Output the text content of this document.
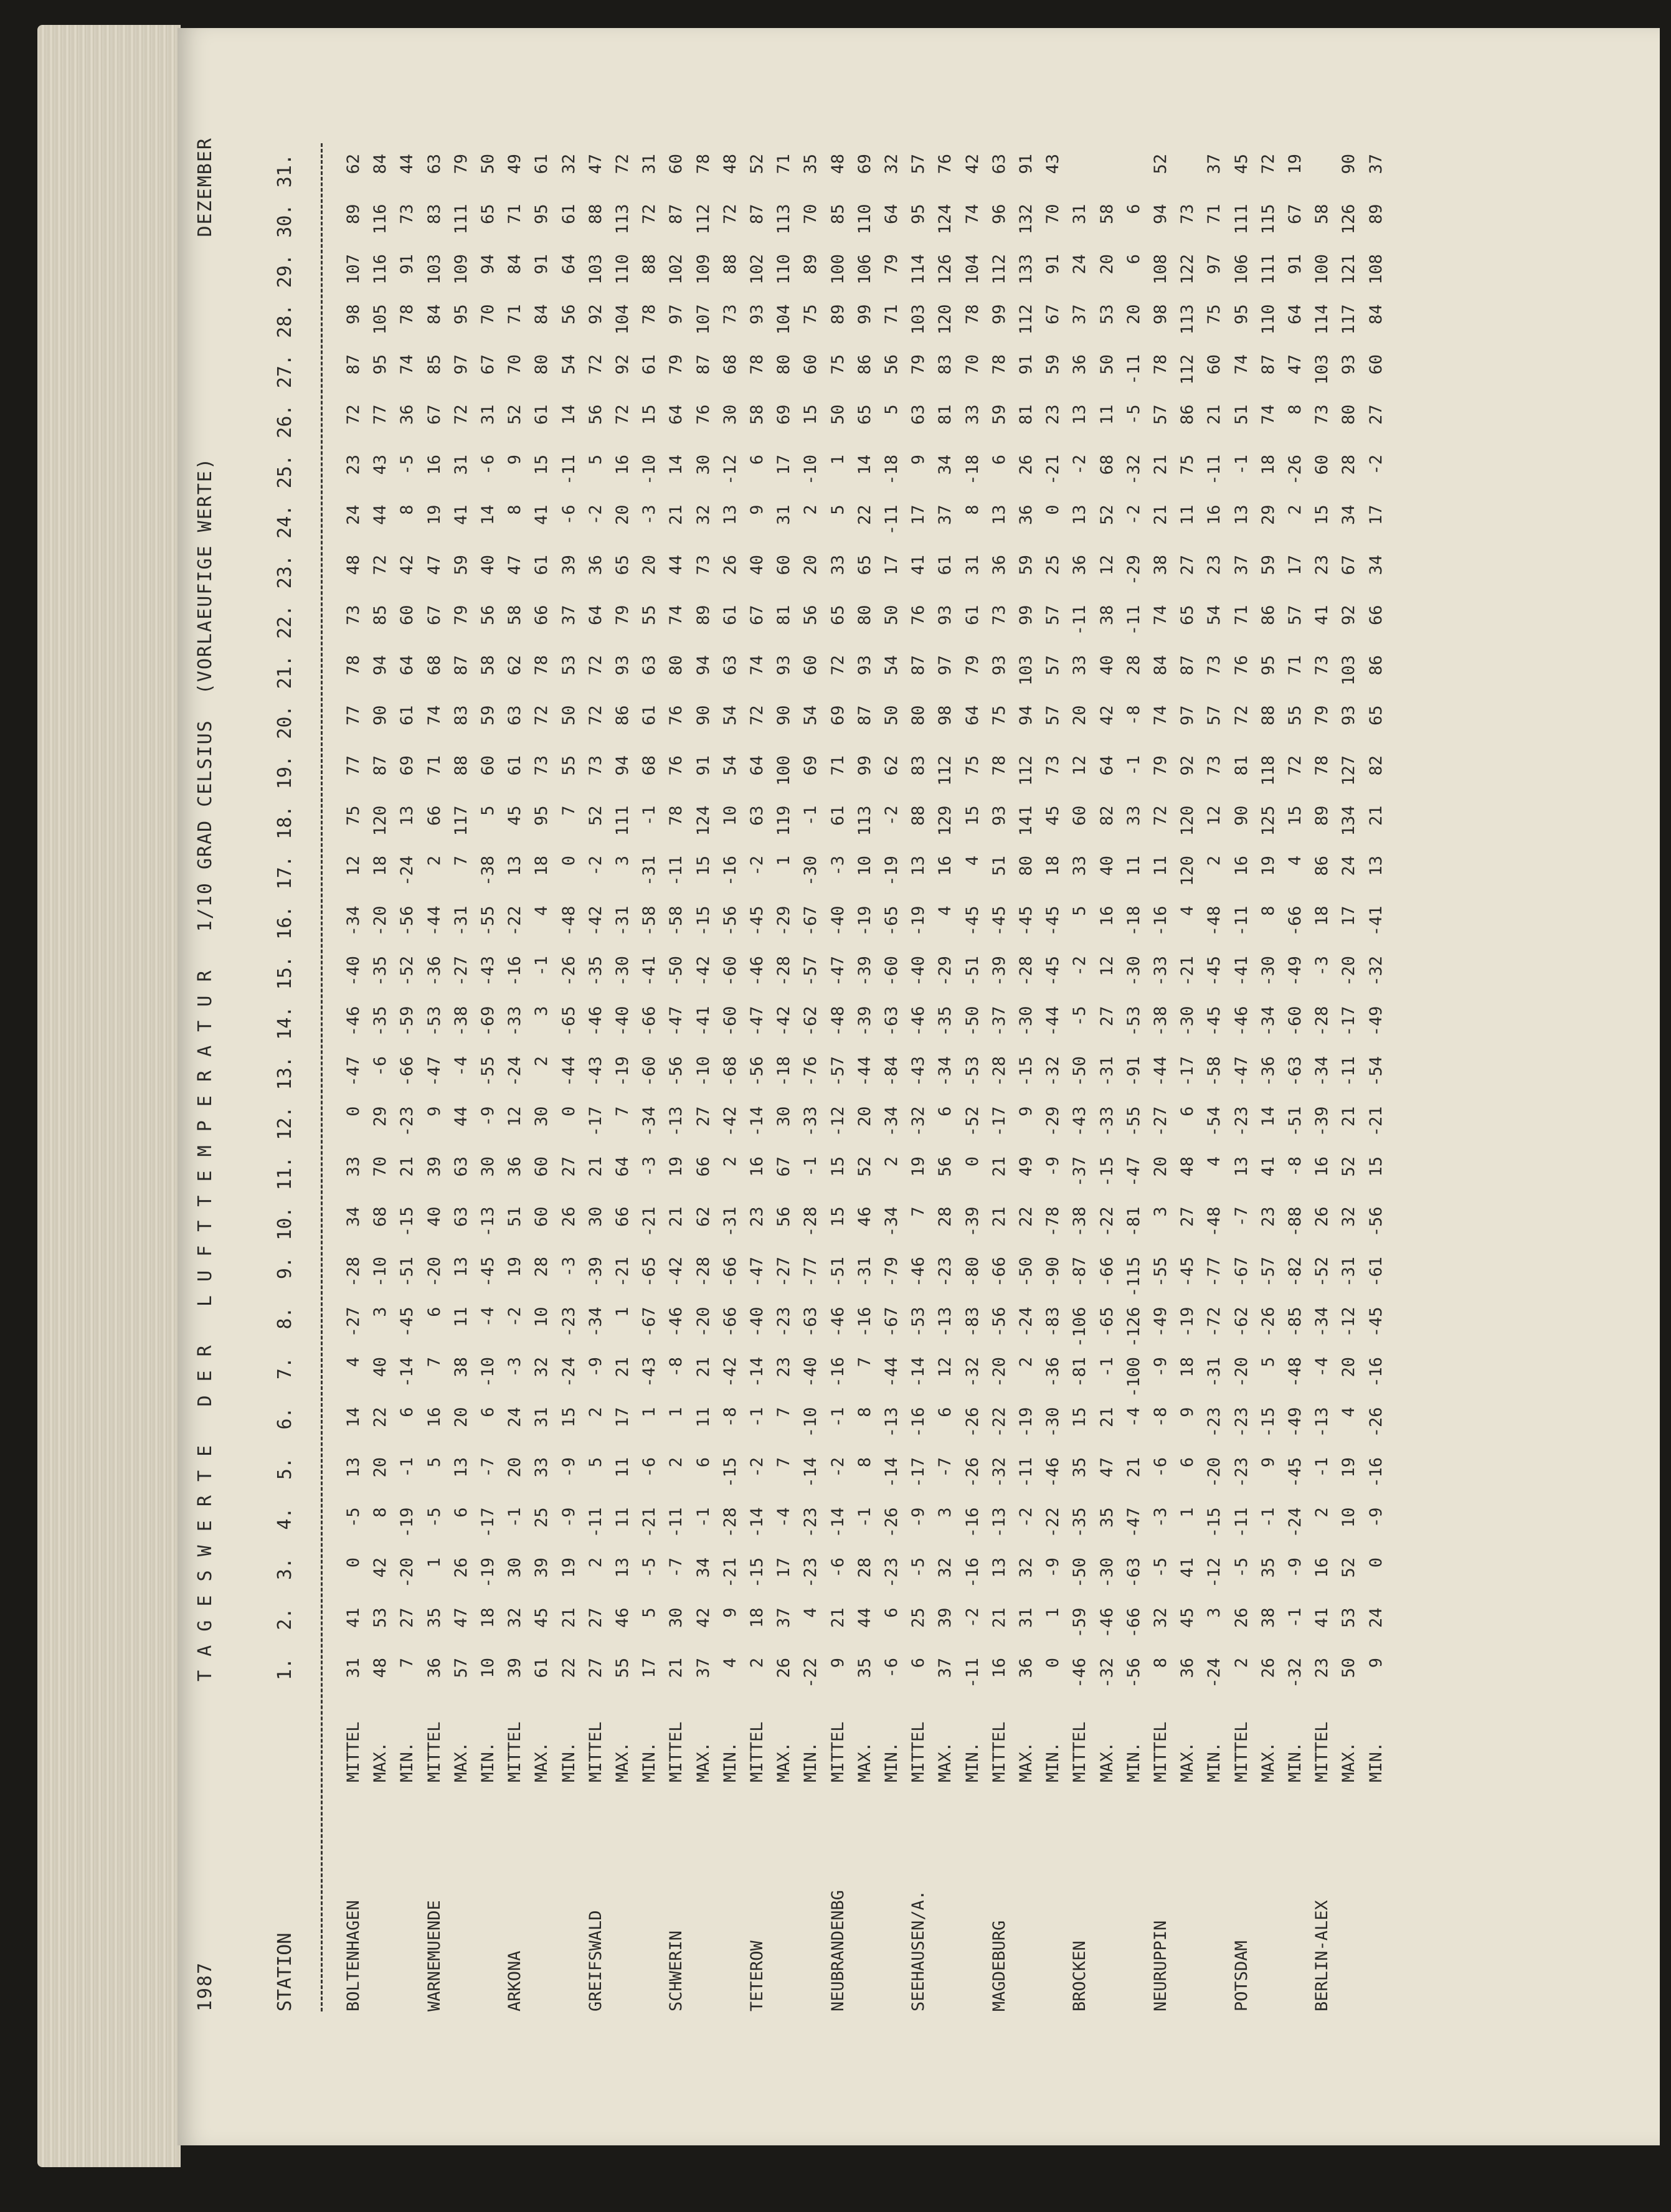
1987
T A G E S W E R T E   D E R   L U F T T E M P E R A T U R   1/10 GRAD CELSIUS  (VORLAEUFIGE WERTE)
DEZEMBER
STATION
1.
2.
3.
4.
5.
6.
7.
8.
9.
10.
11.
12.
13.
14.
15.
16.
17.
18.
19.
20.
21.
22.
23.
24.
25.
26.
27.
28.
29.
30.
31.
BOLTENHAGEN
MITTEL
31
41
0
-5
13
14
4
-27
-28
34
33
0
-47
-46
-40
-34
12
75
77
77
78
73
48
24
23
72
87
98
107
89
62
MAX.
48
53
42
8
20
22
40
3
-10
68
70
29
-6
-35
-35
-20
18
120
87
90
94
85
72
44
43
77
95
105
116
116
84
MIN.
7
27
-20
-19
-1
6
-14
-45
-51
-15
21
-23
-66
-59
-52
-56
-24
13
69
61
64
60
42
8
-5
36
74
78
91
73
44
WARNEMUENDE
MITTEL
36
35
1
-5
5
16
7
6
-20
40
39
9
-47
-53
-36
-44
2
66
71
74
68
67
47
19
16
67
85
84
103
83
63
MAX.
57
47
26
6
13
20
38
11
13
63
63
44
-4
-38
-27
-31
7
117
88
83
87
79
59
41
31
72
97
95
109
111
79
MIN.
10
18
-19
-17
-7
6
-10
-4
-45
-13
30
-9
-55
-69
-43
-55
-38
5
60
59
58
56
40
14
-6
31
67
70
94
65
50
ARKONA
MITTEL
39
32
30
-1
20
24
-3
-2
19
51
36
12
-24
-33
-16
-22
13
45
61
63
62
58
47
8
9
52
70
71
84
71
49
MAX.
61
45
39
25
33
31
32
10
28
60
60
30
2
3
-1
4
18
95
73
72
78
66
61
41
15
61
80
84
91
95
61
MIN.
22
21
19
-9
-9
15
-24
-23
-3
26
27
0
-44
-65
-26
-48
0
7
55
50
53
37
39
-6
-11
14
54
56
64
61
32
GREIFSWALD
MITTEL
27
27
2
-11
5
2
-9
-34
-39
30
21
-17
-43
-46
-35
-42
-2
52
73
72
72
64
36
-2
5
56
72
92
103
88
47
MAX.
55
46
13
11
11
17
21
1
-21
66
64
7
-19
-40
-30
-31
3
111
94
86
93
79
65
20
16
72
92
104
110
113
72
MIN.
17
5
-5
-21
-6
1
-43
-67
-65
-21
-3
-34
-60
-66
-41
-58
-31
-1
68
61
63
55
20
-3
-10
15
61
78
88
72
31
SCHWERIN
MITTEL
21
30
-7
-11
2
1
-8
-46
-42
21
19
-13
-56
-47
-50
-58
-11
78
76
76
80
74
44
21
14
64
79
97
102
87
60
MAX.
37
42
34
-1
6
11
21
-20
-28
62
66
27
-10
-41
-42
-15
15
124
91
90
94
89
73
32
30
76
87
107
109
112
78
MIN.
4
9
-21
-28
-15
-8
-42
-66
-66
-31
2
-42
-68
-60
-60
-56
-16
10
54
54
63
61
26
13
-12
30
68
73
88
72
48
TETEROW
MITTEL
2
18
-15
-14
-2
-1
-14
-40
-47
23
16
-14
-56
-47
-46
-45
-2
63
64
72
74
67
40
9
6
58
78
93
102
87
52
MAX.
26
37
17
-4
7
7
23
-23
-27
56
67
30
-18
-42
-28
-29
1
119
100
90
93
81
60
31
17
69
80
104
110
113
71
MIN.
-22
4
-23
-23
-14
-10
-40
-63
-77
-28
-1
-33
-76
-62
-57
-67
-30
-1
69
54
60
56
20
2
-10
15
60
75
89
70
35
NEUBRANDENBG
MITTEL
9
21
-6
-14
-2
-1
-16
-46
-51
15
15
-12
-57
-48
-47
-40
-3
61
71
69
72
65
33
5
1
50
75
89
100
85
48
MAX.
35
44
28
-1
8
8
7
-16
-31
46
52
20
-44
-39
-39
-19
10
113
99
87
93
80
65
22
14
65
86
99
106
110
69
MIN.
-6
6
-23
-26
-14
-13
-44
-67
-79
-34
2
-34
-84
-63
-60
-65
-19
-2
62
50
54
50
17
-11
-18
5
56
71
79
64
32
SEEHAUSEN/A.
MITTEL
6
25
-5
-9
-17
-16
-14
-53
-46
7
19
-32
-43
-46
-40
-19
13
88
83
80
87
76
41
17
9
63
79
103
114
95
57
MAX.
37
39
32
3
-7
6
12
-13
-23
28
56
6
-34
-35
-29
4
16
129
112
98
97
93
61
37
34
81
83
120
126
124
76
MIN.
-11
-2
-16
-16
-26
-26
-32
-83
-80
-39
0
-52
-53
-50
-51
-45
4
15
75
64
79
61
31
8
-18
33
70
78
104
74
42
MAGDEBURG
MITTEL
16
21
13
-13
-32
-22
-20
-56
-66
21
21
-17
-28
-37
-39
-45
51
93
78
75
93
73
36
13
6
59
78
99
112
96
63
MAX.
36
31
32
-2
-11
-19
2
-24
-50
22
49
9
-15
-30
-28
-45
80
141
112
94
103
99
59
36
26
81
91
112
133
132
91
MIN.
0
1
-9
-22
-46
-30
-36
-83
-90
-78
-9
-29
-32
-44
-45
-45
18
45
73
57
57
57
25
0
-21
23
59
67
91
70
43
BROCKEN
MITTEL
-46
-59
-50
-35
35
15
-81
-106
-87
-38
-37
-43
-50
-5
-2
5
33
60
12
20
33
-11
36
13
-2
13
36
37
24
31
MAX.
-32
-46
-30
35
47
21
-1
-65
-66
-22
-15
-33
-31
27
12
16
40
82
64
42
40
38
12
52
68
11
50
53
20
58
MIN.
-56
-66
-63
-47
21
-4
-100
-126
-115
-81
-47
-55
-91
-53
-30
-18
11
33
-1
-8
28
-11
-29
-2
-32
-5
-11
20
6
6
NEURUPPIN
MITTEL
8
32
-5
-3
-6
-8
-9
-49
-55
3
20
-27
-44
-38
-33
-16
11
72
79
74
84
74
38
21
21
57
78
98
108
94
52
MAX.
36
45
41
1
6
9
18
-19
-45
27
48
6
-17
-30
-21
4
120
120
92
97
87
65
27
11
75
86
112
113
122
73
MIN.
-24
3
-12
-15
-20
-23
-31
-72
-77
-48
4
-54
-58
-45
-45
-48
2
12
73
57
73
54
23
16
-11
21
60
75
97
71
37
POTSDAM
MITTEL
2
26
-5
-11
-23
-23
-20
-62
-67
-7
13
-23
-47
-46
-41
-11
16
90
81
72
76
71
37
13
-1
51
74
95
106
111
45
MAX.
26
38
35
-1
9
-15
5
-26
-57
23
41
14
-36
-34
-30
8
19
125
118
88
95
86
59
29
18
74
87
110
111
115
72
MIN.
-32
-1
-9
-24
-45
-49
-48
-85
-82
-88
-8
-51
-63
-60
-49
-66
4
15
72
55
71
57
17
2
-26
8
47
64
91
67
19
BERLIN-ALEX
MITTEL
23
41
16
2
-1
-13
-4
-34
-52
26
16
-39
-34
-28
-3
18
86
89
78
79
73
41
23
15
60
73
103
114
100
58
MAX.
50
53
52
10
19
4
20
-12
-31
32
52
21
-11
-17
-20
17
24
134
127
93
103
92
67
34
28
80
93
117
121
126
90
MIN.
9
24
0
-9
-16
-26
-16
-45
-61
-56
15
-21
-54
-49
-32
-41
13
21
82
65
86
66
34
17
-2
27
60
84
108
89
37
